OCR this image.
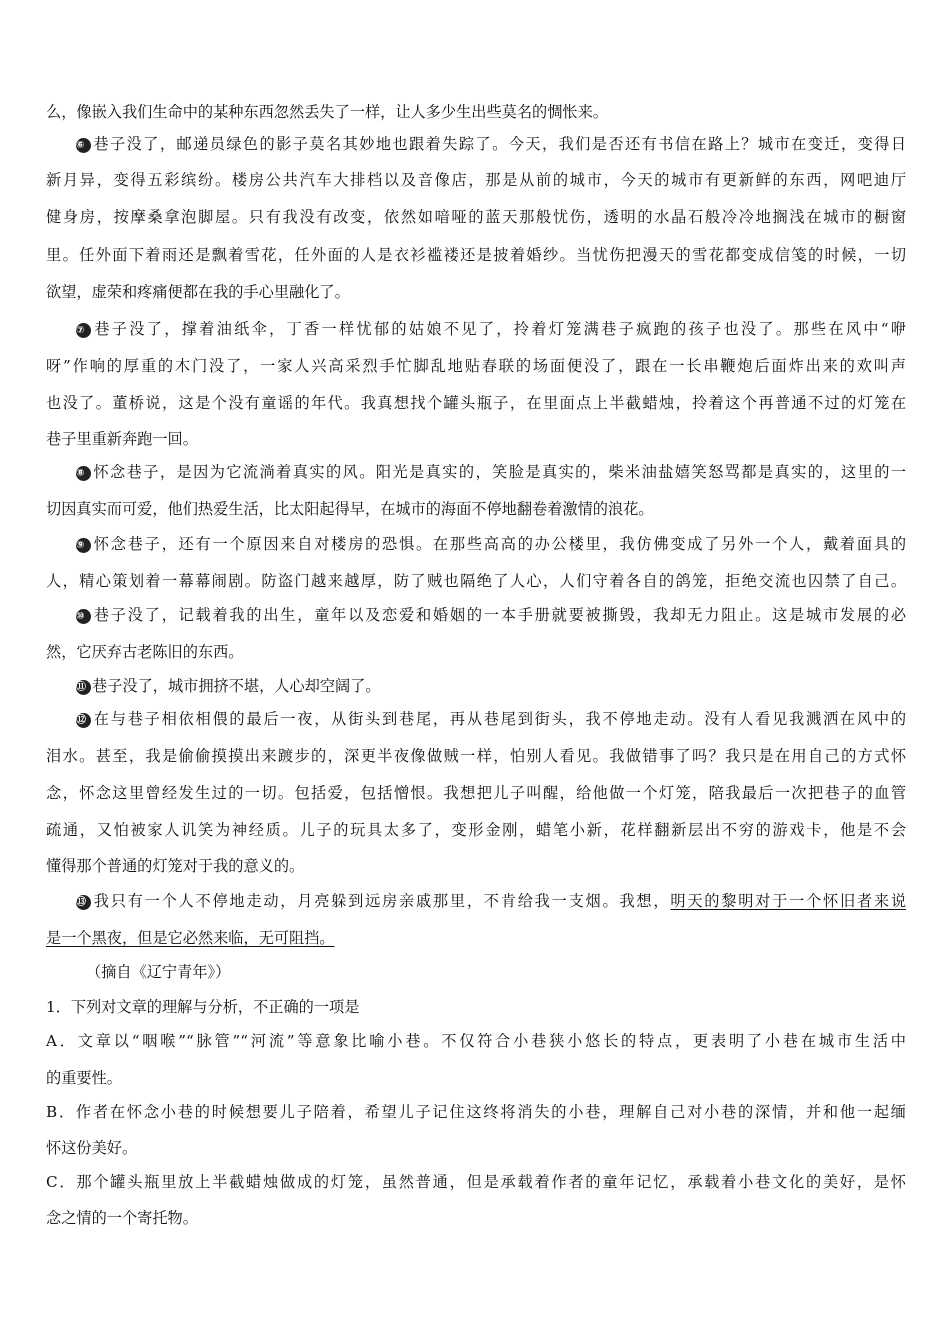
么，像嵌入我们生命中的某种东西忽然丢失了一样，让人多少生出些莫名的惆怅来。
⑥ 巷子没了，邮递员绿色的影子莫名其妙地也跟着失踪了。今天，我们是否还有书信在路上？城市在变迁，变得日
新月异，变得五彩缤纷。楼房公共汽车大排档以及音像店，那是从前的城市，今天的城市有更新鲜的东西，网吧迪厅
健身房，按摩桑拿泡脚屋。只有我没有改变，依然如喑哑的蓝天那般忧伤，透明的水晶石般冷冷地搁浅在城市的橱窗
里。任外面下着雨还是飘着雪花，任外面的人是衣衫褴褛还是披着婚纱。当忧伤把漫天的雪花都变成信笺的时候，一切
欲望，虚荣和疼痛便都在我的手心里融化了。
⑦ 巷子没了，撑着油纸伞，丁香一样忧郁的姑娘不见了，拎着灯笼满巷子疯跑的孩子也没了。那些在风中“咿
呀”作响的厚重的木门没了，一家人兴高采烈手忙脚乱地贴春联的场面便没了，跟在一长串鞭炮后面炸出来的欢叫声
也没了。董桥说，这是个没有童谣的年代。我真想找个罐头瓶子，在里面点上半截蜡烛，拎着这个再普通不过的灯笼在
巷子里重新奔跑一回。
⑧ 怀念巷子，是因为它流淌着真实的风。阳光是真实的，笑脸是真实的，柴米油盐嬉笑怒骂都是真实的，这里的一
切因真实而可爱，他们热爱生活，比太阳起得早，在城市的海面不停地翻卷着激情的浪花。
⑨ 怀念巷子，还有一个原因来自对楼房的恐惧。在那些高高的办公楼里，我仿佛变成了另外一个人，戴着面具的
人，精心策划着一幕幕闹剧。防盗门越来越厚，防了贼也隔绝了人心，人们守着各自的鸽笼，拒绝交流也囚禁了自己。
⑩ 巷子没了，记载着我的出生，童年以及恋爱和婚姻的一本手册就要被撕毁，我却无力阻止。这是城市发展的必
然，它厌弃古老陈旧的东西。
⑪ 巷子没了，城市拥挤不堪，人心却空阔了。
⑫ 在与巷子相依相偎的最后一夜，从街头到巷尾，再从巷尾到街头，我不停地走动。没有人看见我溅洒在风中的
泪水。甚至，我是偷偷摸摸出来踱步的，深更半夜像做贼一样，怕别人看见。我做错事了吗？我只是在用自己的方式怀
念，怀念这里曾经发生过的一切。包括爱，包括憎恨。我想把儿子叫醒，给他做一个灯笼，陪我最后一次把巷子的血管
疏通，又怕被家人讥笑为神经质。儿子的玩具太多了，变形金刚，蜡笔小新，花样翻新层出不穷的游戏卡，他是不会
懂得那个普通的灯笼对于我的意义的。
⑬ 我只有一个人不停地走动，月亮躲到远房亲戚那里，不肯给我一支烟。我想，明天的黎明对于一个怀旧者来说
是一个黑夜，但是它必然来临，无可阻挡。
（摘自《辽宁青年》）
1．下列对文章的理解与分析，不正确的一项是
A．文章以“咽喉”“脉管”“河流”等意象比喻小巷。不仅符合小巷狭小悠长的特点，更表明了小巷在城市生活中
的重要性。
B．作者在怀念小巷的时候想要儿子陪着，希望儿子记住这终将消失的小巷，理解自己对小巷的深情，并和他一起缅
怀这份美好。
C．那个罐头瓶里放上半截蜡烛做成的灯笼，虽然普通，但是承载着作者的童年记忆，承载着小巷文化的美好，是怀
念之情的一个寄托物。
